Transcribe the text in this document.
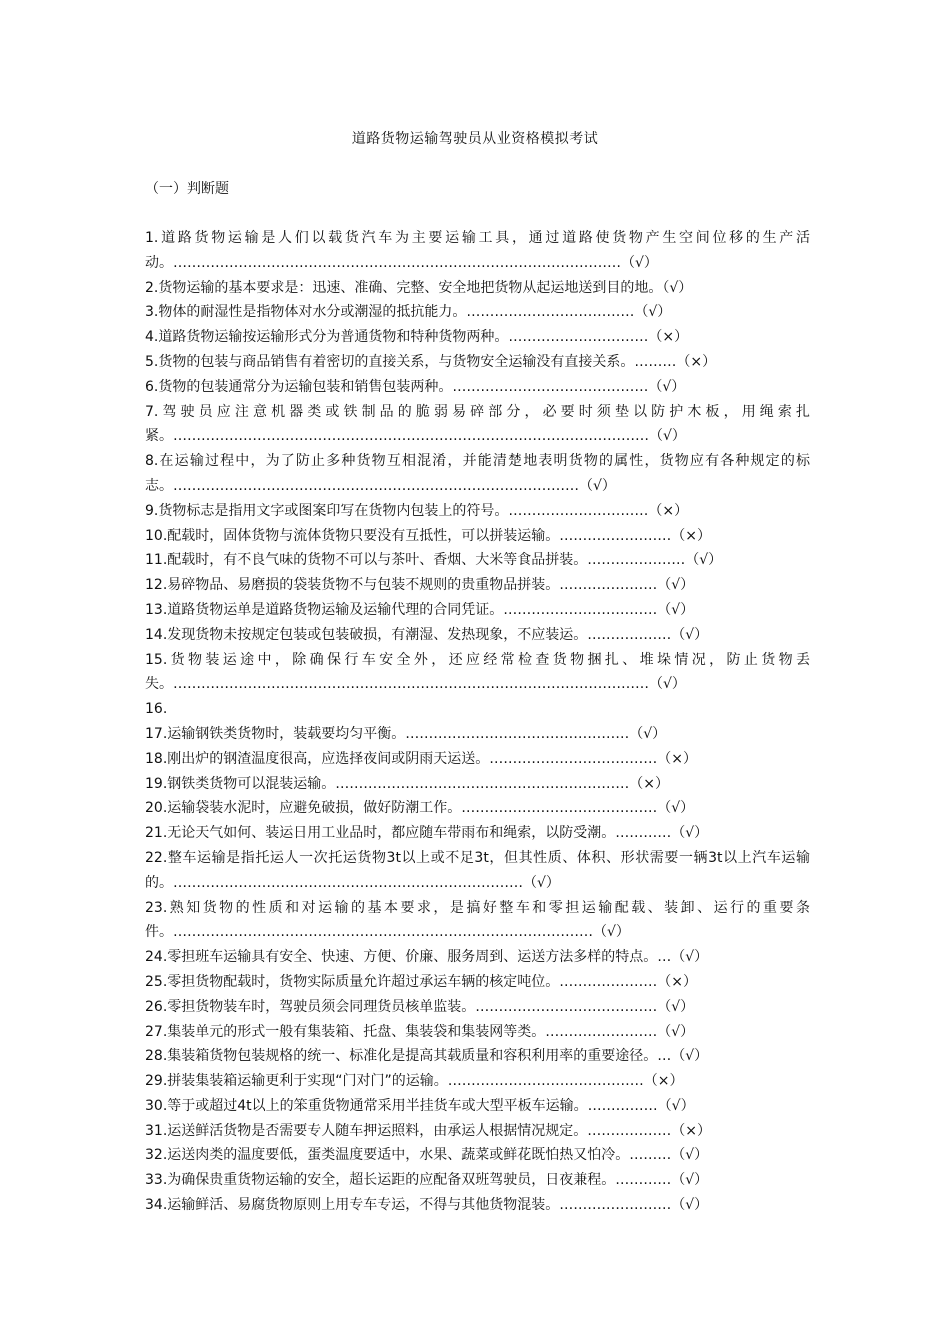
道路货物运输驾驶员从业资格模拟考试
（一）判断题

1.道路货物运输是人们以载货汽车为主要运输工具，通过道路使货物产生空间位移的生产活动。……………………………………………………………………………………（√）

2.货物运输的基本要求是：迅速、准确、完整、安全地把货物从起运地送到目的地。（√）

3.物体的耐湿性是指物体对水分或潮湿的抵抗能力。………………………………（√）

4.道路货物运输按运输形式分为普通货物和特种货物两种。…………………………（×）

5.货物的包装与商品销售有着密切的直接关系，与货物安全运输没有直接关系。………（×）

6.货物的包装通常分为运输包装和销售包装两种。……………………………………（√）

7.驾驶员应注意机器类或铁制品的脆弱易碎部分，必要时须垫以防护木板，用绳索扎紧。…………………………………………………………………………………………（√）

8.在运输过程中，为了防止多种货物互相混淆，并能清楚地表明货物的属性，货物应有各种规定的标志。……………………………………………………………………………（√）

9.货物标志是指用文字或图案印写在货物内包装上的符号。…………………………（×）

10.配载时，固体货物与流体货物只要没有互抵性，可以拼装运输。……………………（×）

11.配载时，有不良气味的货物不可以与茶叶、香烟、大米等食品拼装。…………………（√）

12.易碎物品、易磨损的袋装货物不与包装不规则的贵重物品拼装。…………………（√）

13.道路货物运单是道路货物运输及运输代理的合同凭证。……………………………（√）

14.发现货物未按规定包装或包装破损，有潮湿、发热现象，不应装运。………………（√）

15.货物装运途中，除确保行车安全外，还应经常检查货物捆扎、堆垛情况，防止货物丢失。…………………………………………………………………………………………（√）

16.

17.运输钢铁类货物时，装载要均匀平衡。…………………………………………（√）

18.刚出炉的钢渣温度很高，应选择夜间或阴雨天运送。………………………………（×）

19.钢铁类货物可以混装运输。………………………………………………………（×）

20.运输袋装水泥时，应避免破损，做好防潮工作。……………………………………（√）

21.无论天气如何、装运日用工业品时，都应随车带雨布和绳索，以防受潮。…………（√）

22.整车运输是指托运人一次托运货物3t以上或不足3t，但其性质、体积、形状需要一辆3t以上汽车运输的。…………………………………………………………………（√）

23.熟知货物的性质和对运输的基本要求，是搞好整车和零担运输配载、装卸、运行的重要条件。………………………………………………………………………………（√）

24.零担班车运输具有安全、快速、方便、价廉、服务周到、运送方法多样的特点。…（√）

25.零担货物配载时，货物实际质量允许超过承运车辆的核定吨位。…………………（×）

26.零担货物装车时，驾驶员须会同理货员核单监装。…………………………………（√）

27.集装单元的形式一般有集装箱、托盘、集装袋和集装网等类。……………………（√）

28.集装箱货物包装规格的统一、标准化是提高其载质量和容积利用率的重要途径。…（√）

29.拼装集装箱运输更利于实现“门对门”的运输。……………………………………（×）

30.等于或超过4t以上的笨重货物通常采用半挂货车或大型平板车运输。……………（√）

31.运送鲜活货物是否需要专人随车押运照料，由承运人根据情况规定。………………（×）

32.运送肉类的温度要低，蛋类温度要适中，水果、蔬菜或鲜花既怕热又怕冷。………（√）

33.为确保贵重货物运输的安全，超长运距的应配备双班驾驶员，日夜兼程。…………（√）

34.运输鲜活、易腐货物原则上用专车专运，不得与其他货物混装。……………………（√）
